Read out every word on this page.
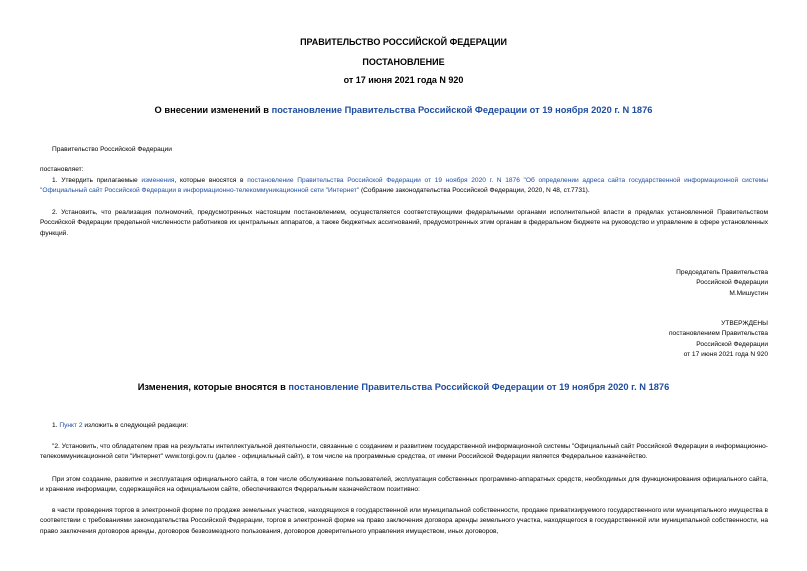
ПРАВИТЕЛЬСТВО РОССИЙСКОЙ ФЕДЕРАЦИИ
ПОСТАНОВЛЕНИЕ
от 17 июня 2021 года N 920
О внесении изменений в постановление Правительства Российской Федерации от 19 ноября 2020 г. N 1876
Правительство Российской Федерации
постановляет:
1. Утвердить прилагаемые изменения, которые вносятся в постановление Правительства Российской Федерации от 19 ноября 2020 г. N 1876 "Об определении адреса сайта государственной информационной системы "Официальный сайт Российской Федерации в информационно-телекоммуникационной сети "Интернет" (Собрание законодательства Российской Федерации, 2020, N 48, ст.7731).
2. Установить, что реализация полномочий, предусмотренных настоящим постановлением, осуществляется соответствующими федеральными органами исполнительной власти в пределах установленной Правительством Российской Федерации предельной численности работников их центральных аппаратов, а также бюджетных ассигнований, предусмотренных этим органам в федеральном бюджете на руководство и управление в сфере установленных функций.
Председатель Правительства
Российской Федерации
М.Мишустин
УТВЕРЖДЕНЫ
постановлением Правительства
Российской Федерации
от 17 июня 2021 года N 920
Изменения, которые вносятся в постановление Правительства Российской Федерации от 19 ноября 2020 г. N 1876
1. Пункт 2 изложить в следующей редакции:
"2. Установить, что обладателем прав на результаты интеллектуальной деятельности, связанные с созданием и развитием государственной информационной системы "Официальный сайт Российской Федерации в информационно-телекоммуникационной сети "Интернет" www.torgi.gov.ru (далее - официальный сайт), в том числе на программные средства, от имени Российской Федерации является Федеральное казначейство.
При этом создание, развитие и эксплуатация официального сайта, в том числе обслуживание пользователей, эксплуатация собственных программно-аппаратных средств, необходимых для функционирования официального сайта, и хранение информации, содержащейся на официальном сайте, обеспечиваются Федеральным казначейством позитивно:
в части проведения торгов в электронной форме по продаже земельных участков, находящихся в государственной или муниципальной собственности, продаже приватизируемого государственного или муниципального имущества в соответствии с требованиями законодательства Российской Федерации, торгов в электронной форме на право заключения договора аренды земельного участка, находящегося в государственной или муниципальной собственности, на право заключения договоров аренды, договоров безвозмездного пользования, договоров доверительного управления имуществом, иных договоров,
